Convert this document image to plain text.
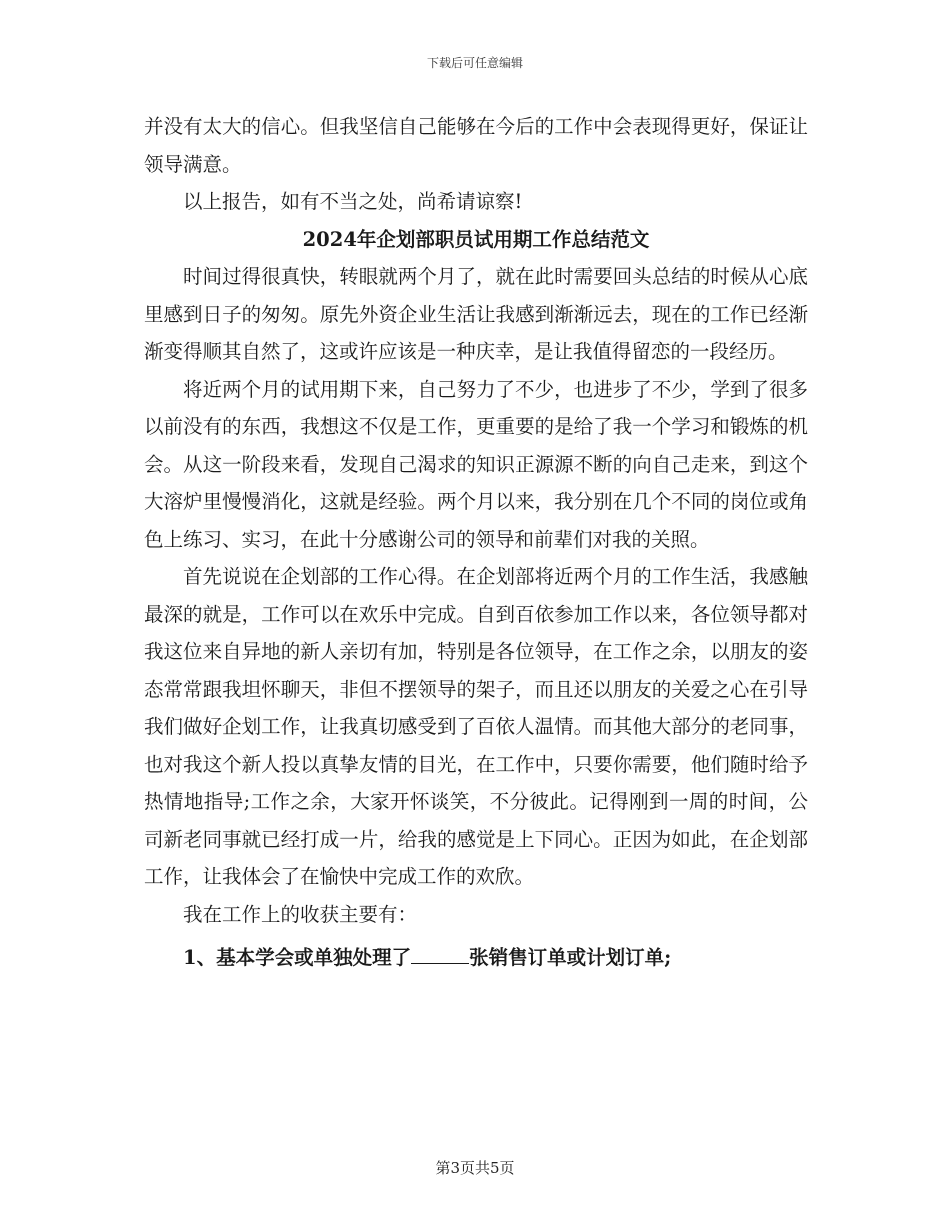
下载后可任意编辑

并没有太大的信心。但我坚信自己能够在今后的工作中会表现得更好，保证让领导满意。

以上报告，如有不当之处，尚希请谅察!

2024年企划部职员试用期工作总结范文

时间过得很真快，转眼就两个月了，就在此时需要回头总结的时候从心底里感到日子的匆匆。原先外资企业生活让我感到渐渐远去，现在的工作已经渐渐变得顺其自然了，这或许应该是一种庆幸，是让我值得留恋的一段经历。

将近两个月的试用期下来，自己努力了不少，也进步了不少，学到了很多以前没有的东西，我想这不仅是工作，更重要的是给了我一个学习和锻炼的机会。从这一阶段来看，发现自己渴求的知识正源源不断的向自己走来，到这个大溶炉里慢慢消化，这就是经验。两个月以来，我分别在几个不同的岗位或角色上练习、实习，在此十分感谢公司的领导和前辈们对我的关照。

首先说说在企划部的工作心得。在企划部将近两个月的工作生活，我感触最深的就是，工作可以在欢乐中完成。自到百依参加工作以来，各位领导都对我这位来自异地的新人亲切有加，特别是各位领导，在工作之余，以朋友的姿态常常跟我坦怀聊天，非但不摆领导的架子，而且还以朋友的关爱之心在引导我们做好企划工作，让我真切感受到了百依人温情。而其他大部分的老同事，也对我这个新人投以真挚友情的目光，在工作中，只要你需要，他们随时给予热情地指导;工作之余，大家开怀谈笑，不分彼此。记得刚到一周的时间，公司新老同事就已经打成一片，给我的感觉是上下同心。正因为如此，在企划部工作，让我体会了在愉快中完成工作的欢欣。

我在工作上的收获主要有：

1、基本学会或单独处理了	张销售订单或计划订单;

第3页共5页
